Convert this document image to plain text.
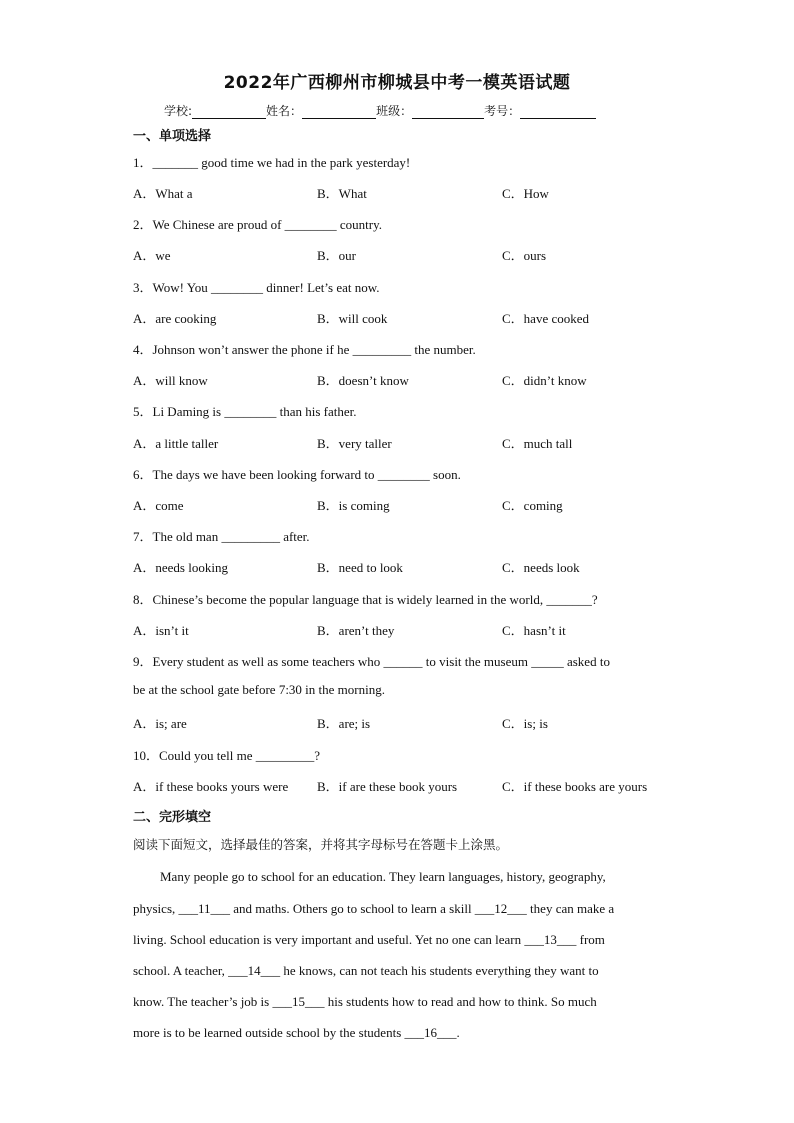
2022年广西柳州市柳城县中考一模英语试题
学校:	姓名：	班级：	考号：
一、单项选择
1．_______ good time we had in the park yesterday!
A．What a	B．What	C．How
2．We Chinese are proud of ________ country.
A．we	B．our	C．ours
3．Wow! You ________ dinner! Let’s eat now.
A．are cooking	B．will cook	C．have cooked
4．Johnson won’t answer the phone if he _________ the number.
A．will know	B．doesn’t know	C．didn’t know
5．Li Daming is ________ than his father.
A．a little taller	B．very taller	C．much tall
6．The days we have been looking forward to ________ soon.
A．come	B．is coming	C．coming
7．The old man _________ after.
A．needs looking	B．need to look	C．needs look
8．Chinese’s become the popular language that is widely learned in the world, _______?
A．isn’t it	B．aren’t they	C．hasn’t it
9．Every student as well as some teachers who ______ to visit the museum _____ asked to
be at the school gate before 7:30 in the morning.
A．is; are	B．are; is	C．is; is
10．Could you tell me _________?
A．if these books yours were B．if are these book yours	C．if these books are yours
二、完形填空
阅读下面短文，选择最佳的答案，并将其字母标号在答题卡上涂黑。
Many people go to school for an education. They learn languages, history, geography,
physics, ___11___ and maths. Others go to school to learn a skill ___12___ they can make a
living. School education is very important and useful. Yet no one can learn ___13___ from
school. A teacher, ___14___ he knows, can not teach his students everything they want to
know. The teacher’s job is ___15___ his students how to read and how to think. So much
more is to be learned outside school by the students ___16___.
